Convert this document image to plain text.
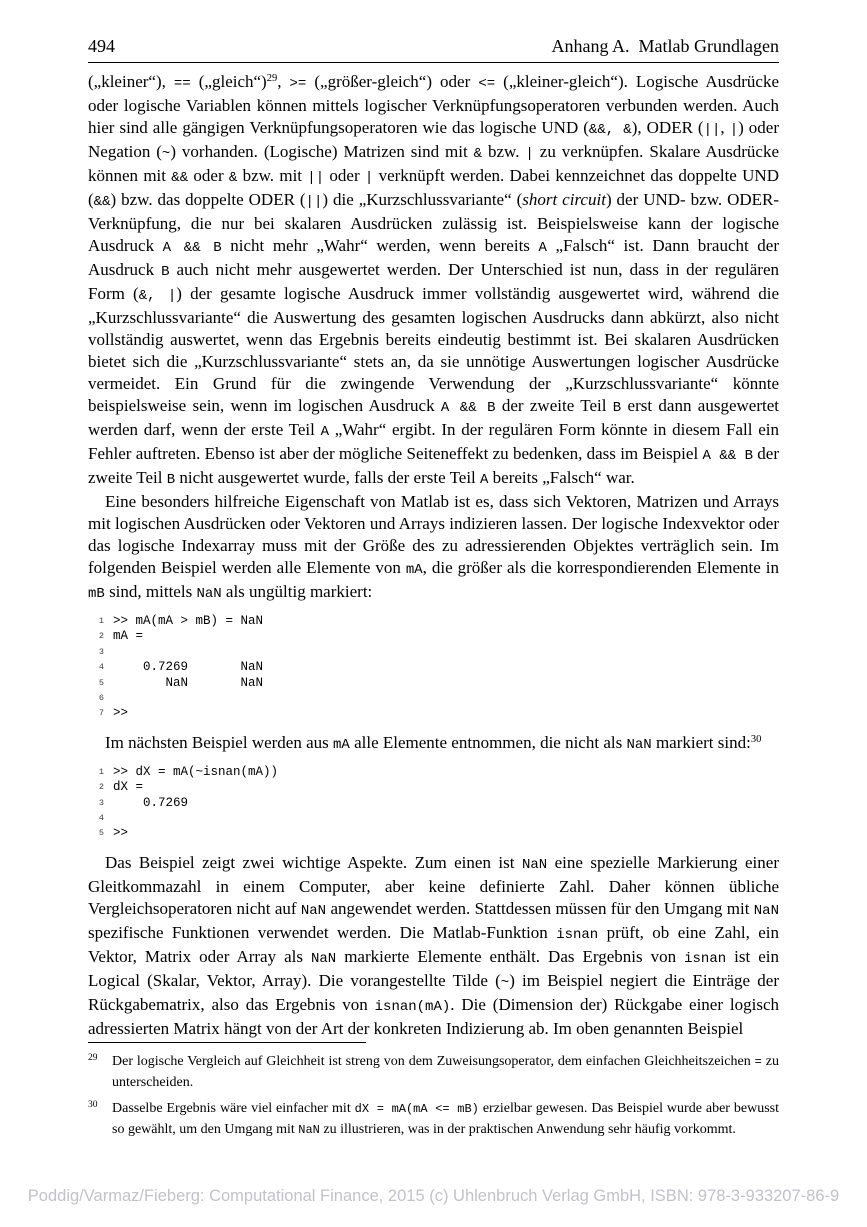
494	Anhang A. Matlab Grundlagen

(„kleiner“), == („gleich“)$^{29}$, >= („größer-gleich“) oder <= („kleiner-gleich“). Logische Ausdrücke oder logische Variablen können mittels logischer Verknüpfungsoperatoren verbunden werden. Auch hier sind alle gängigen Verknüpfungsoperatoren wie das logische UND (&&, &), ODER (||, |) oder Negation (~) vorhanden. (Logische) Matrizen sind mit & bzw. | zu verknüpfen. Skalare Ausdrücke können mit && oder & bzw. mit || oder | verknüpft werden. Dabei kennzeichnet das doppelte UND (&&) bzw. das doppelte ODER (||) die „Kurzschlussvariante“ (short circuit) der UND- bzw. ODER-Verknüpfung, die nur bei skalaren Ausdrücken zulässig ist. Beispielsweise kann der logische Ausdruck A && B nicht mehr „Wahr“ werden, wenn bereits A „Falsch“ ist. Dann braucht der Ausdruck B auch nicht mehr ausgewertet werden. Der Unterschied ist nun, dass in der regulären Form (&, |) der gesamte logische Ausdruck immer vollständig ausgewertet wird, während die „Kurzschlussvariante“ die Auswertung des gesamten logischen Ausdrucks dann abkürzt, also nicht vollständig auswertet, wenn das Ergebnis bereits eindeutig bestimmt ist. Bei skalaren Ausdrücken bietet sich die „Kurzschlussvariante“ stets an, da sie unnötige Auswertungen logischer Ausdrücke vermeidet. Ein Grund für die zwingende Verwendung der „Kurzschlussvariante“ könnte beispielsweise sein, wenn im logischen Ausdruck A && B der zweite Teil B erst dann ausgewertet werden darf, wenn der erste Teil A „Wahr“ ergibt. In der regulären Form könnte in diesem Fall ein Fehler auftreten. Ebenso ist aber der mögliche Seiteneffekt zu bedenken, dass im Beispiel A && B der zweite Teil B nicht ausgewertet wurde, falls der erste Teil A bereits „Falsch“ war.

Eine besonders hilfreiche Eigenschaft von Matlab ist es, dass sich Vektoren, Matrizen und Arrays mit logischen Ausdrücken oder Vektoren und Arrays indizieren lassen. Der logische Indexvektor oder das logische Indexarray muss mit der Größe des zu adressierenden Objektes verträglich sein. Im folgenden Beispiel werden alle Elemente von mA, die größer als die korrespondierenden Elemente in mB sind, mittels NaN als ungültig markiert:

1 >> mA(mA > mB) = NaN
2 mA =
3

4 0.7269       NaN
5 NaN       NaN
6

7 >>

Im nächsten Beispiel werden aus mA alle Elemente entnommen, die nicht als NaN markiert sind:$^{30}$

1 >> dX = mA(~isnan(mA))
2 dX =
3 0.7269
4

5 >>

Das Beispiel zeigt zwei wichtige Aspekte. Zum einen ist NaN eine spezielle Markierung einer Gleitkommazahl in einem Computer, aber keine definierte Zahl. Daher können übliche Vergleichsoperatoren nicht auf NaN angewendet werden. Stattdessen müssen für den Umgang mit NaN spezifische Funktionen verwendet werden. Die Matlab-Funktion isnan prüft, ob eine Zahl, ein Vektor, Matrix oder Array als NaN markierte Elemente enthält. Das Ergebnis von isnan ist ein Logical (Skalar, Vektor, Array). Die vorangestellte Tilde (~) im Beispiel negiert die Einträge der Rückgabematrix, also das Ergebnis von isnan(mA). Die (Dimension der) Rückgabe einer logisch adressierten Matrix hängt von der Art der konkreten Indizierung ab. Im oben genannten Beispiel

29	Der logische Vergleich auf Gleichheit ist streng von dem Zuweisungsoperator, dem einfachen Gleichheitszeichen = zu unterscheiden.
30	Dasselbe Ergebnis wäre viel einfacher mit dX = mA(mA <= mB) erzielbar gewesen. Das Beispiel wurde aber bewusst so gewählt, um den Umgang mit NaN zu illustrieren, was in der praktischen Anwendung sehr häufig vorkommt.
Poddig/Varmaz/Fieberg: Computational Finance, 2015 (c) Uhlenbruch Verlag GmbH, ISBN: 978-3-933207-86-9
